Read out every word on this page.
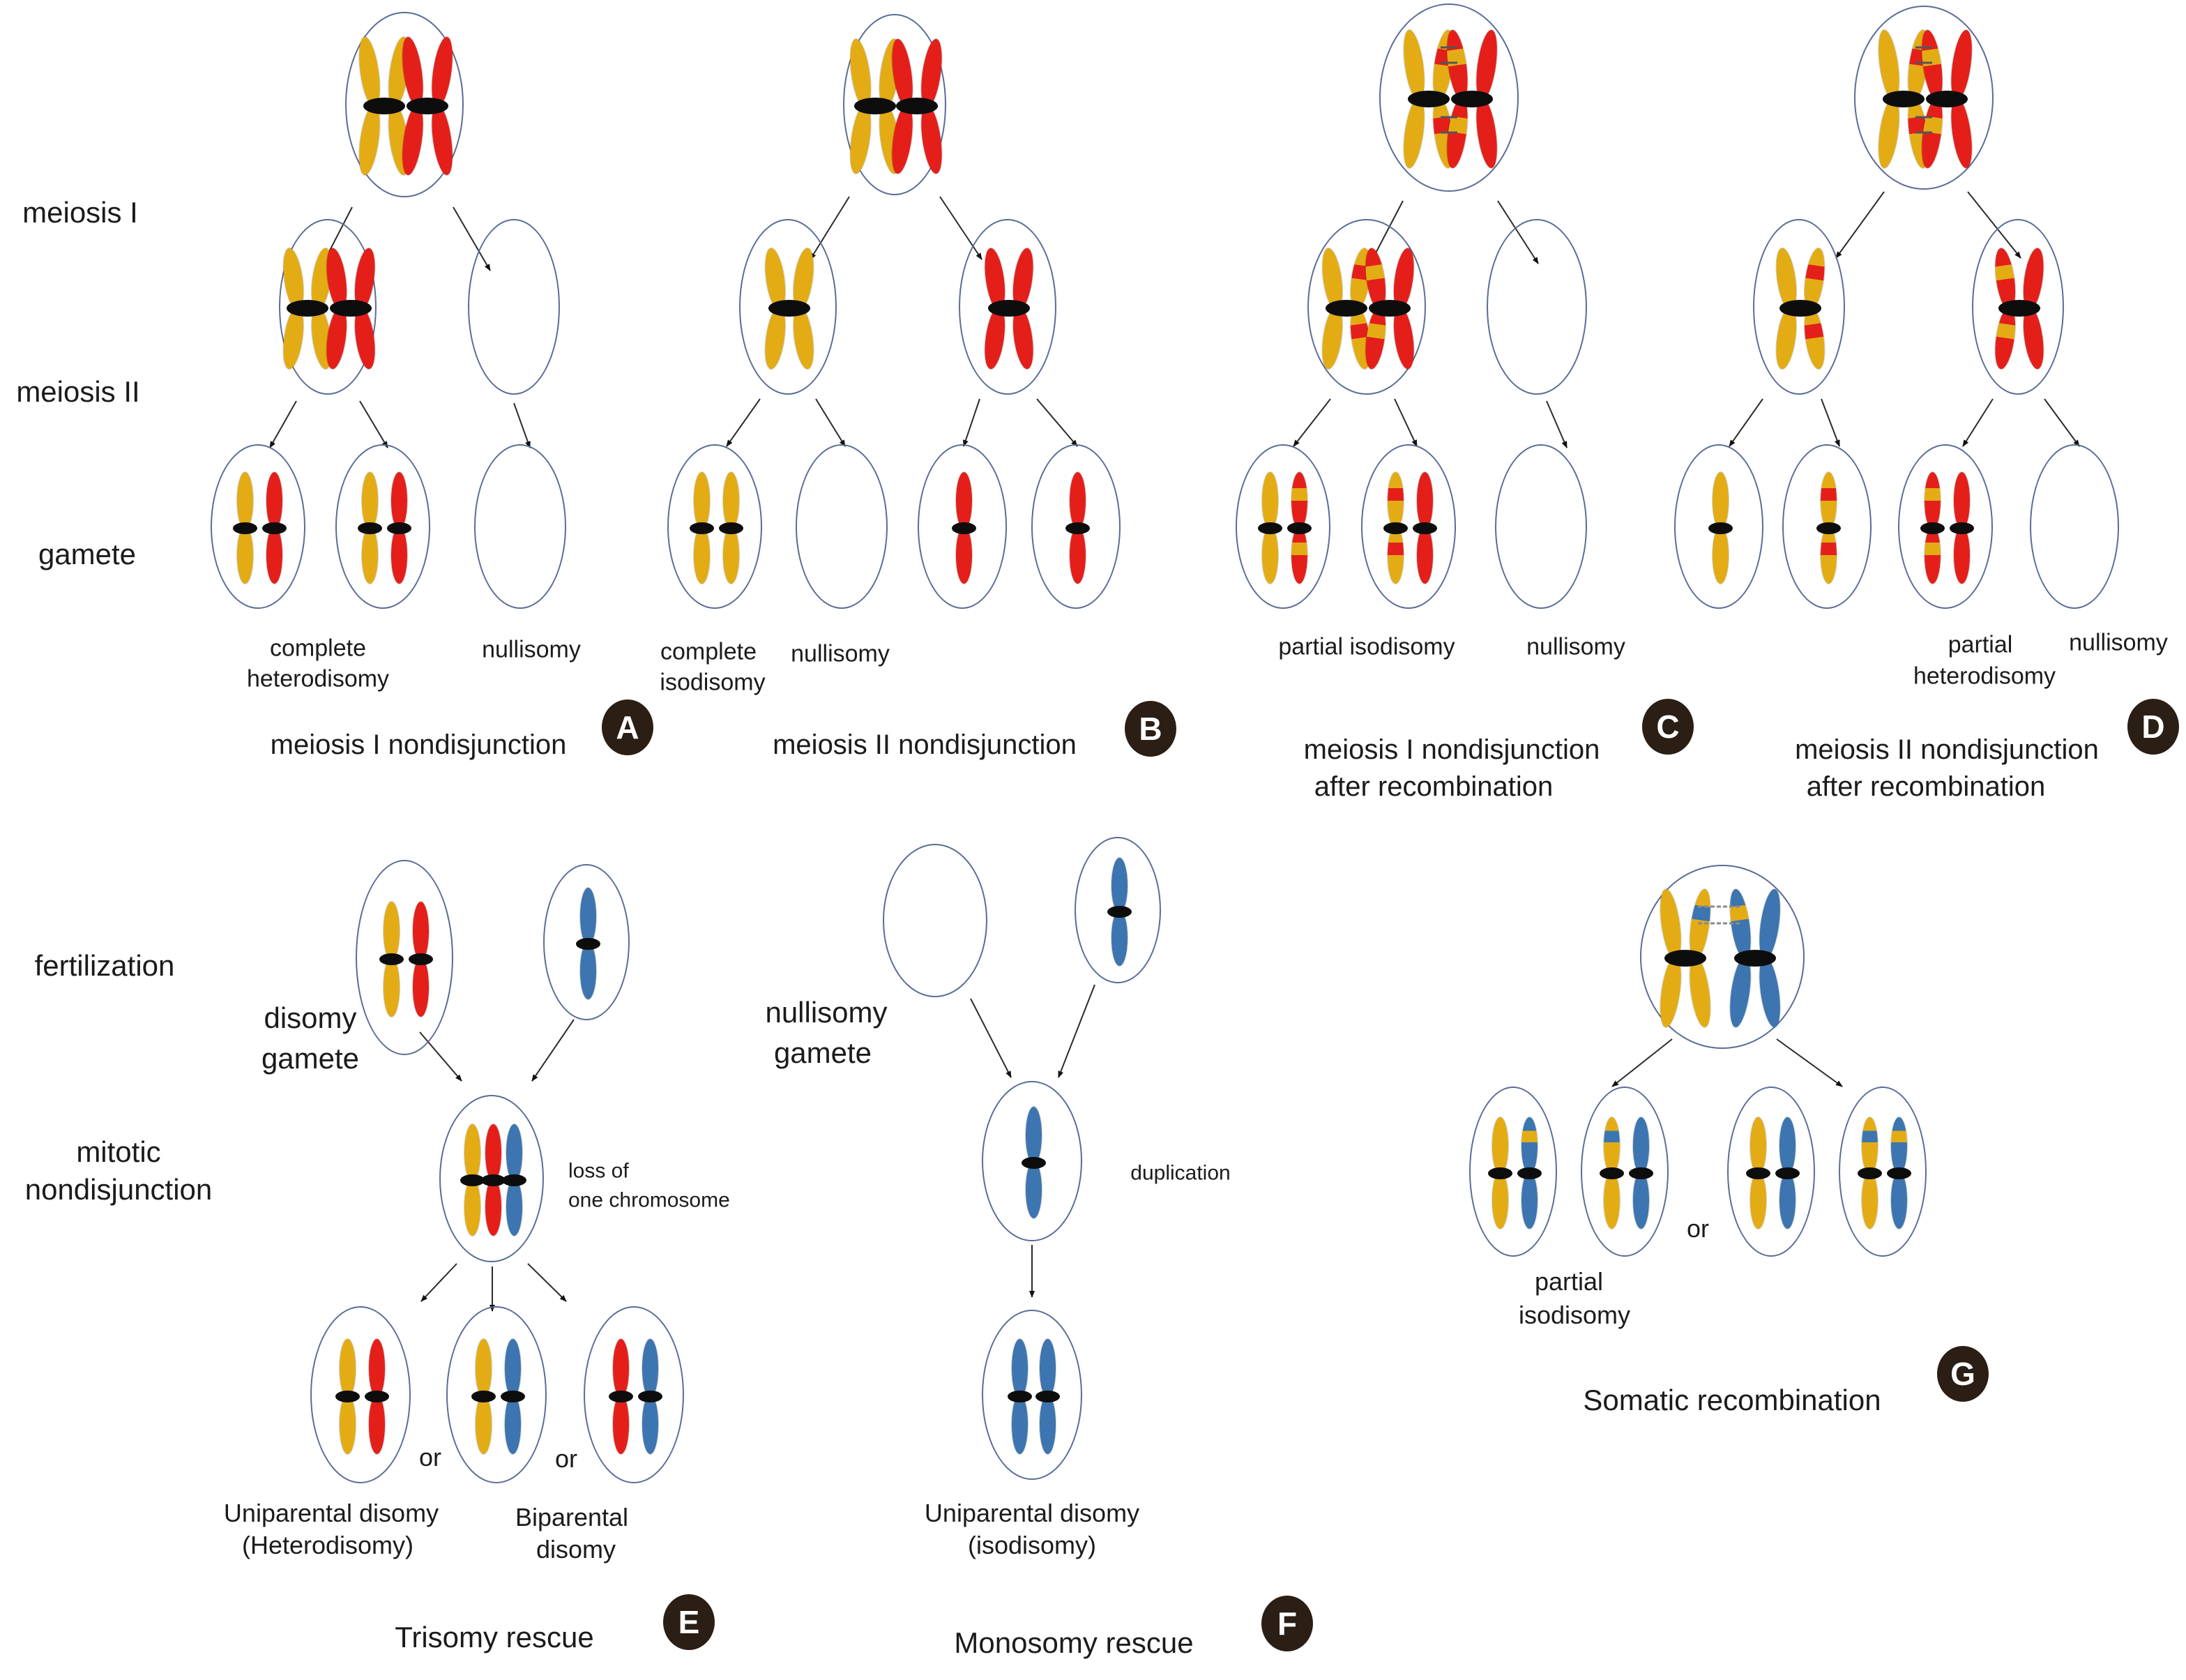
meiosis I
meiosis II
gamete
complete
heterodisomy
nullisomy	complete
isodisomy
nullisomy	partial isodisomy	nullisomy	partial
heterodisomy
nullisomy
meiosis I nondisjunction	meiosis II nondisjunction	meiosis I nondisjunction
after recombination
meiosis II nondisjunction
after recombination
fertilization
disomy
gamete
mitotic
nondisjunction
loss of
one chromosome
nullisomy
gamete
duplication
or	or
Uniparental disomy
(Heterodisomy)
Biparental
disomy
Uniparental disomy
(isodisomy)
Trisomy rescue	Monosomy rescue
or
partial
isodisomy
Somatic recombination
A	B	C	D
E	F
G
